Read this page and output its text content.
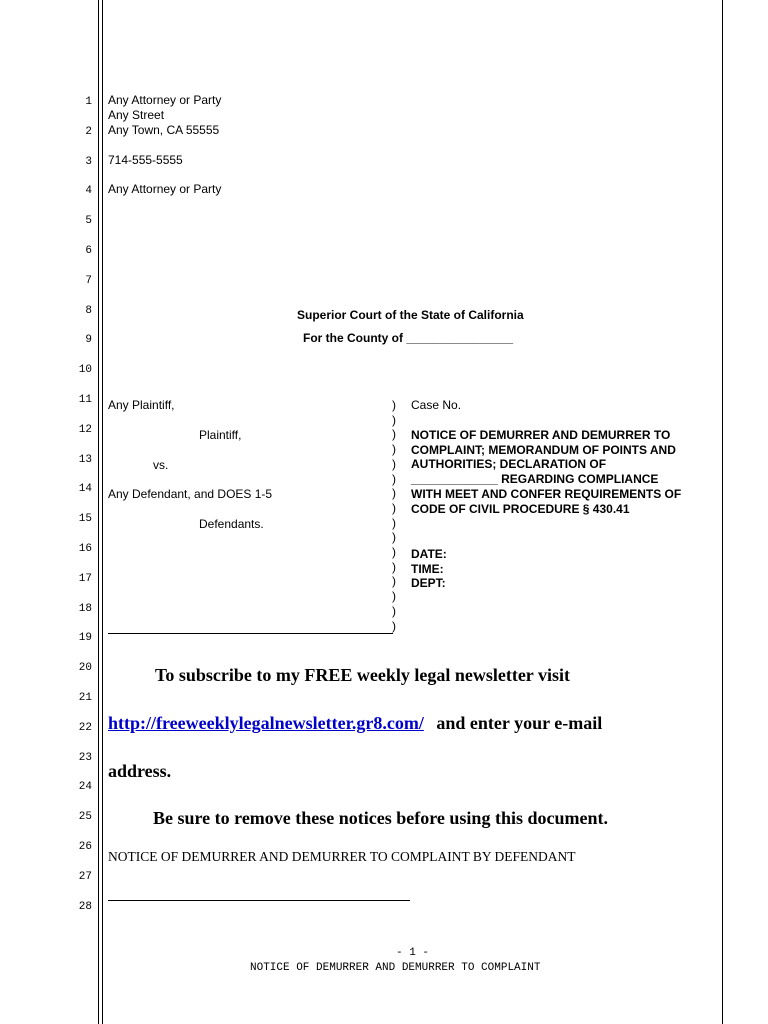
1
2
3
4
5
6
7
8
9
10
11
12
13
14
15
16
17
18
19
20
21
22
23
24
25
26
27
28
Any Attorney or Party
Any Street
Any Town, CA 55555
714-555-5555
Any Attorney or Party
Superior Court of the State of California
For the County of ________________
Any Plaintiff,
Plaintiff,
vs.
Any Defendant, and DOES 1-5
Defendants.
)
)
)
)
)
)
)
)
)
)
)
)
)
)
)
)
Case No.
NOTICE OF DEMURRER AND DEMURRER TO
COMPLAINT; MEMORANDUM OF POINTS AND
AUTHORITIES; DECLARATION OF
_____________ REGARDING COMPLIANCE
WITH MEET AND CONFER REQUIREMENTS OF
CODE OF CIVIL PROCEDURE § 430.41
DATE:
TIME:
DEPT:
To subscribe to my FREE weekly legal newsletter visit
http://freeweeklylegalnewsletter.gr8.com/ and enter your e-mail
address.
Be sure to remove these notices before using this document.
NOTICE OF DEMURRER AND DEMURRER TO COMPLAINT BY DEFENDANT
- 1 -
NOTICE OF DEMURRER AND DEMURRER TO COMPLAINT
